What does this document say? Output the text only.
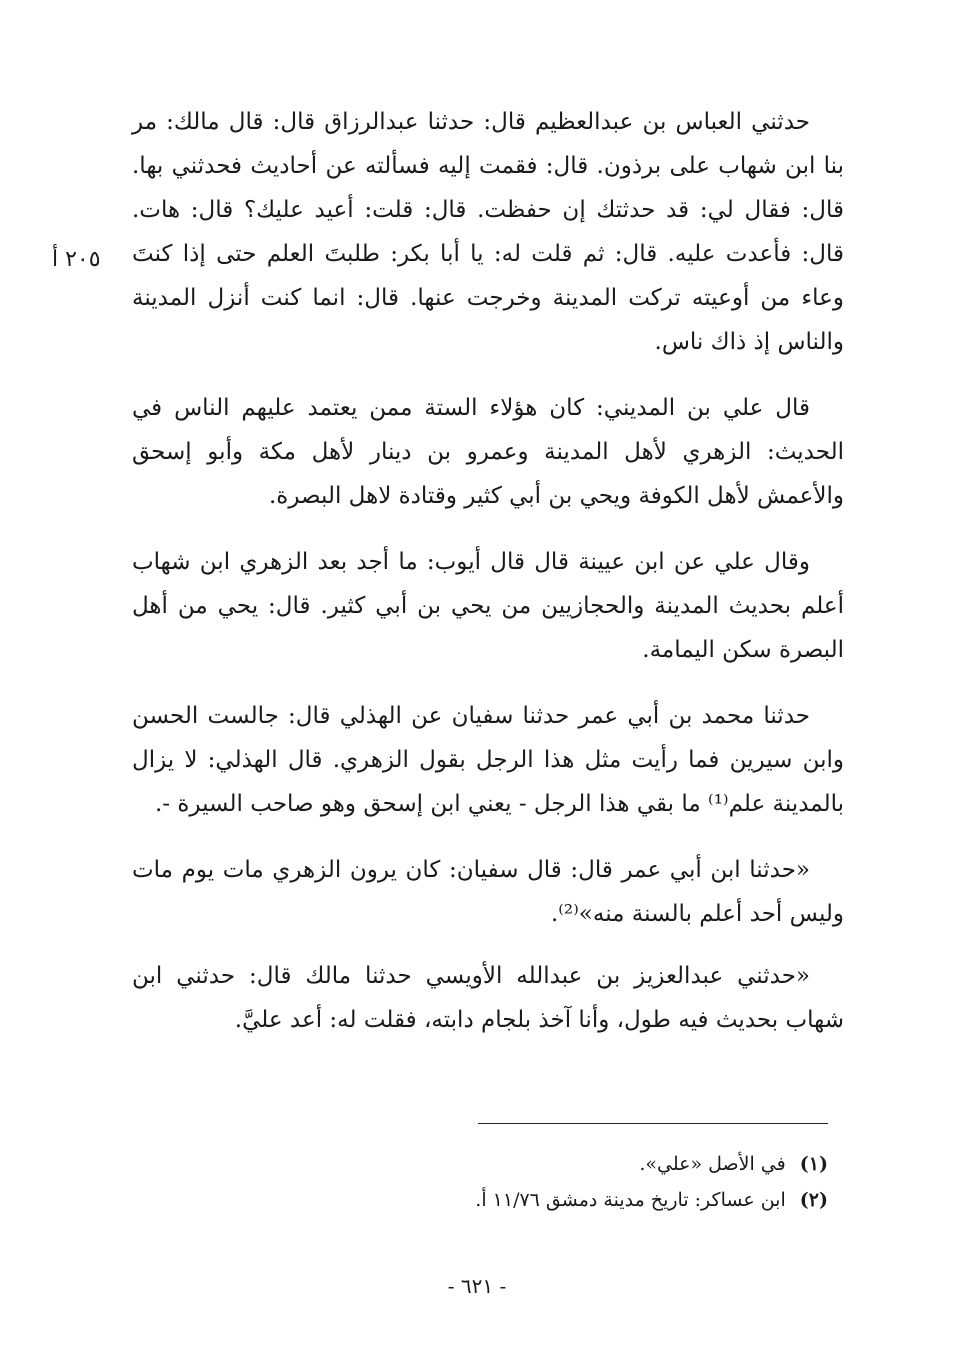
٢٠٥ أ

حدثني العباس بن عبدالعظيم قال: حدثنا عبدالرزاق قال: قال مالك: مر بنا ابن شهاب على برذون. قال: فقمت إليه فسألته عن أحاديث فحدثني بها. قال: فقال لي: قد حدثتك إن حفظت. قال: قلت: أعيد عليك؟ قال: هات. قال: فأعدت عليه. قال: ثم قلت له: يا أبا بكر: طلبتَ العلم حتى إذا كنتَ وعاء من أوعيته تركت المدينة وخرجت عنها. قال: انما كنت أنزل المدينة والناس إذ ذاك ناس.

قال علي بن المديني: كان هؤلاء الستة ممن يعتمد عليهم الناس في الحديث: الزهري لأهل المدينة وعمرو بن دينار لأهل مكة وأبو إسحق والأعمش لأهل الكوفة ويحي بن أبي كثير وقتادة لاهل البصرة.

وقال علي عن ابن عيينة قال قال أيوب: ما أجد بعد الزهري ابن شهاب أعلم بحديث المدينة والحجازيين من يحي بن أبي كثير. قال: يحي من أهل البصرة سكن اليمامة.

حدثنا محمد بن أبي عمر حدثنا سفيان عن الهذلي قال: جالست الحسن وابن سيرين فما رأيت مثل هذا الرجل بقول الزهري. قال الهذلي: لا يزال بالمدينة علم⁽¹⁾ ما بقي هذا الرجل - يعني ابن إسحق وهو صاحب السيرة -.

«حدثنا ابن أبي عمر قال: قال سفيان: كان يرون الزهري مات يوم مات وليس أحد أعلم بالسنة منه»⁽²⁾.

«حدثني عبدالعزيز بن عبدالله الأويسي حدثنا مالك قال: حدثني ابن شهاب بحديث فيه طول، وأنا آخذ بلجام دابته، فقلت له: أعد عليَّ.

(١) في الأصل «علي».
(٢) ابن عساكر: تاريخ مدينة دمشق ١١/٧٦ أ.
- ٦٢١ -
